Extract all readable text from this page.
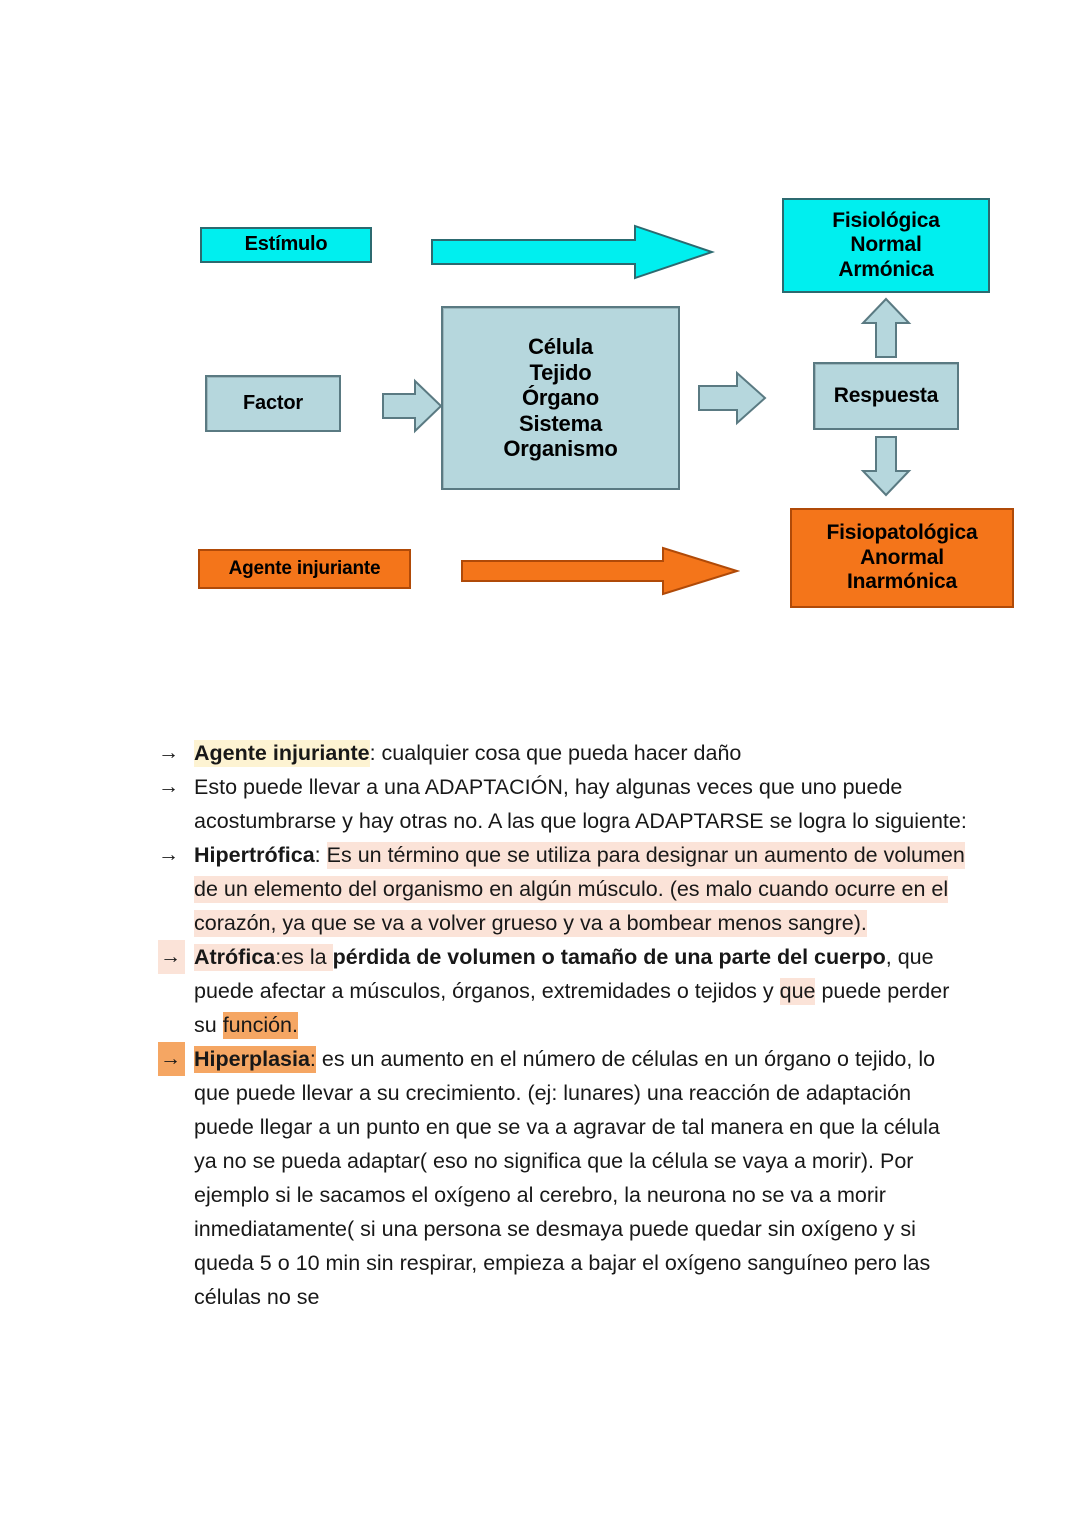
Estímulo
Fisiológica
Normal
Armónica
Factor
Célula
Tejido
Órgano
Sistema
Organismo
Respuesta
Fisiopatológica
Anormal
Inarmónica
Agente injuriante
→ Agente injuriante: cualquier cosa que pueda hacer daño
→ Esto puede llevar a una ADAPTACIÓN, hay algunas veces que uno puede acostumbrarse y hay otras no. A las que logra ADAPTARSE se logra lo siguiente:
→ Hipertrófica: Es un término que se utiliza para designar un aumento de volumen de un elemento del organismo en algún músculo. (es malo cuando ocurre en el corazón, ya que se va a volver grueso y va a bombear menos sangre).
→ Atrófica:es la pérdida de volumen o tamaño de una parte del cuerpo, que puede afectar a músculos, órganos, extremidades o tejidos y que puede perder su función.
→ Hiperplasia: es un aumento en el número de células en un órgano o tejido, lo que puede llevar a su crecimiento. (ej: lunares) una reacción de adaptación puede llegar a un punto en que se va a agravar de tal manera en que la célula ya no se pueda adaptar( eso no significa que la célula se vaya a morir). Por ejemplo si le sacamos el oxígeno al cerebro, la neurona no se va a morir inmediatamente( si una persona se desmaya puede quedar sin oxígeno y si queda 5 o 10 min sin respirar, empieza a bajar el oxígeno sanguíneo pero las células no se
